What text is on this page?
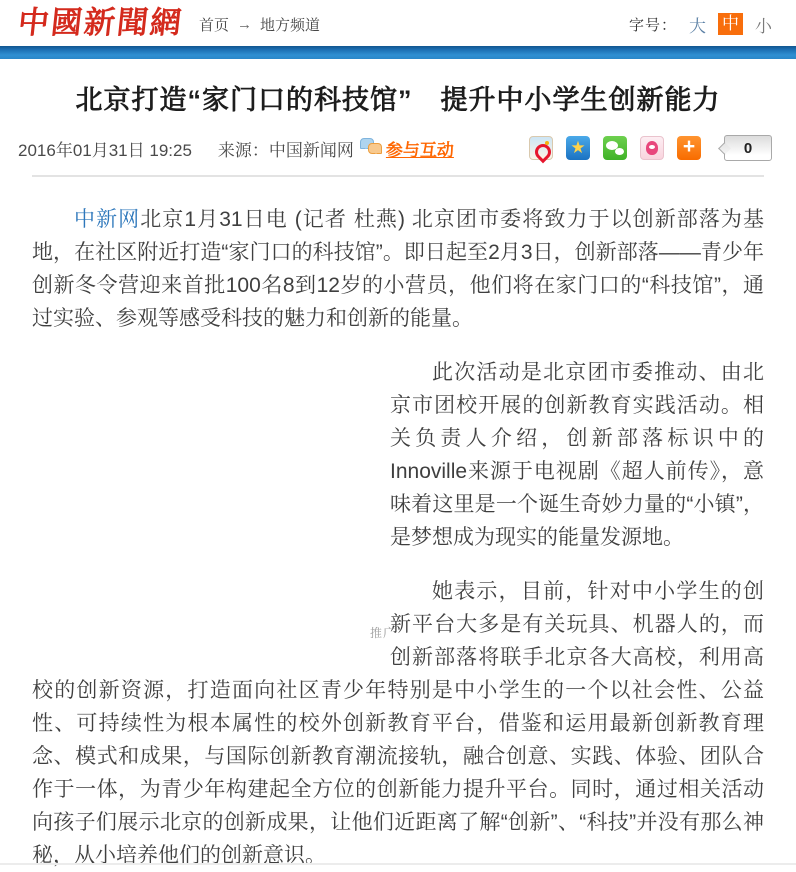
中國新聞網 首页 → 地方频道	字号： 大 中 小
北京打造“家门口的科技馆”　提升中小学生创新能力
2016年01月31日 19:25 来源：中国新闻网 参与互动	★ +	0

中新网北京1月31日电 (记者 杜燕) 北京团市委将致力于以创新部落为基地，在社区附近打造“家门口的科技馆”。即日起至2月3日，创新部落——青少年创新冬令营迎来首批100名8到12岁的小营员，他们将在家门口的“科技馆”，通过实验、参观等感受科技的魅力和创新的能量。

推广

此次活动是北京团市委推动、由北京市团校开展的创新教育实践活动。相关负责人介绍，创新部落标识中的Innoville来源于电视剧《超人前传》，意味着这里是一个诞生奇妙力量的“小镇”，是梦想成为现实的能量发源地。

她表示，目前，针对中小学生的创新平台大多是有关玩具、机器人的，而创新部落将联手北京各大高校，利用高校的创新资源，打造面向社区青少年特别是中小学生的一个以社会性、公益性、可持续性为根本属性的校外创新教育平台，借鉴和运用最新创新教育理念、模式和成果，与国际创新教育潮流接轨，融合创意、实践、体验、团队合作于一体，为青少年构建起全方位的创新能力提升平台。同时，通过相关活动向孩子们展示北京的创新成果，让他们近距离了解“创新”、“科技”并没有那么神秘，从小培养他们的创新意识。
